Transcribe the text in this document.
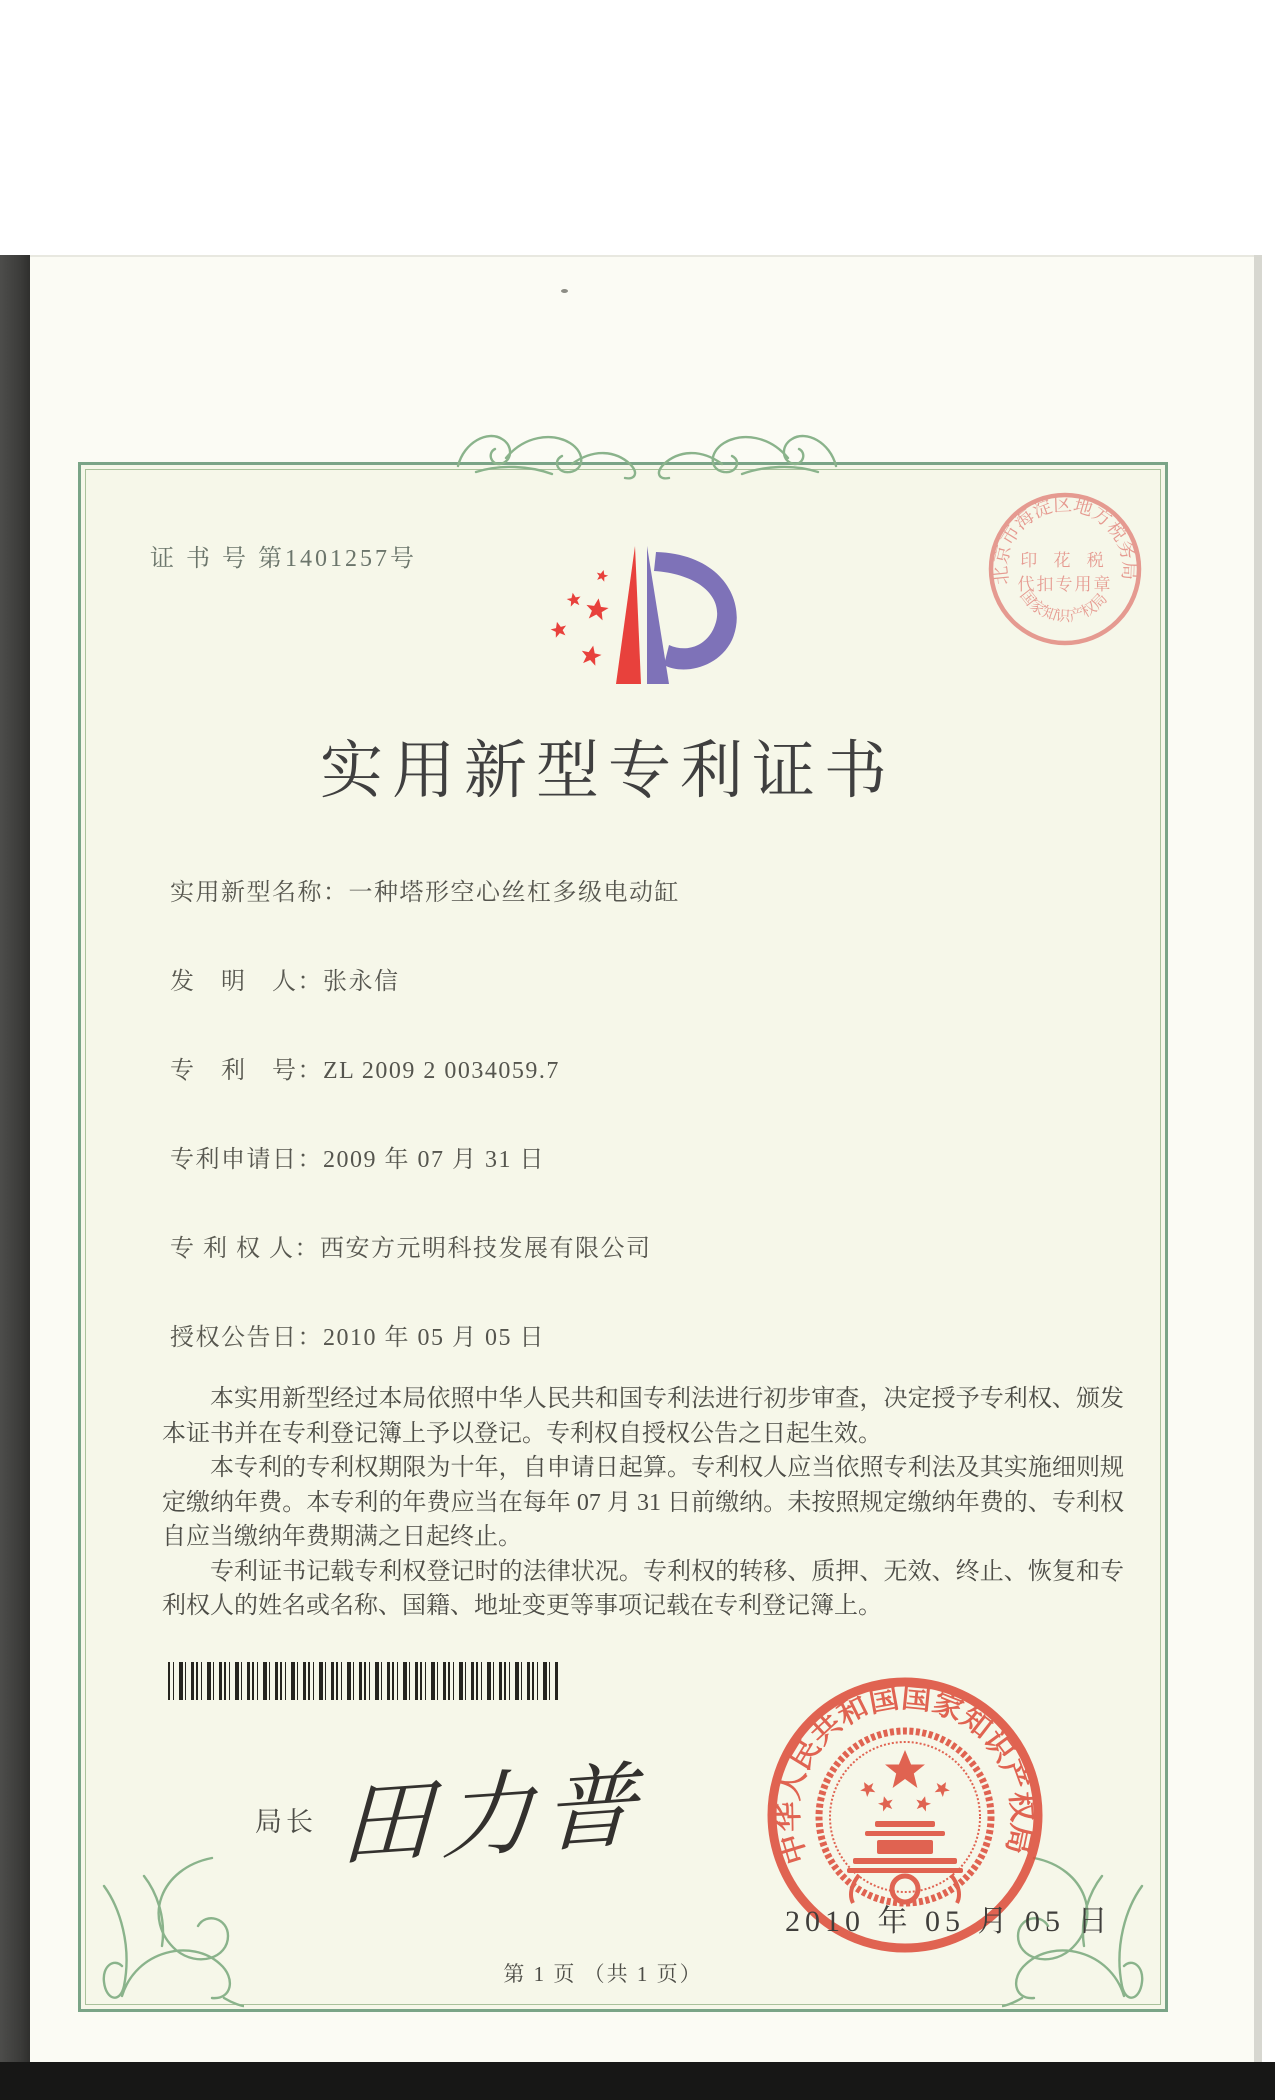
证 书 号 第1401257号
北京市海淀区地方税务局
印 花 税
代扣专用章
国家知识产权局
实用新型专利证书
实用新型名称：一种塔形空心丝杠多级电动缸
发　明　人：张永信
专　利　号：ZL 2009 2 0034059.7
专利申请日：2009 年 07 月 31 日
专 利 权 人：西安方元明科技发展有限公司
授权公告日：2010 年 05 月 05 日

本实用新型经过本局依照中华人民共和国专利法进行初步审查，决定授予专利权、颁发本证书并在专利登记簿上予以登记。专利权自授权公告之日起生效。

本专利的专利权期限为十年，自申请日起算。专利权人应当依照专利法及其实施细则规定缴纳年费。本专利的年费应当在每年 07 月 31 日前缴纳。未按照规定缴纳年费的、专利权自应当缴纳年费期满之日起终止。

专利证书记载专利权登记时的法律状况。专利权的转移、质押、无效、终止、恢复和专利权人的姓名或名称、国籍、地址变更等事项记载在专利登记簿上。

局长 田力普	中华人民共和国国家知识产权局
2010 年 05 月 05 日
第 1 页 （共 1 页）
